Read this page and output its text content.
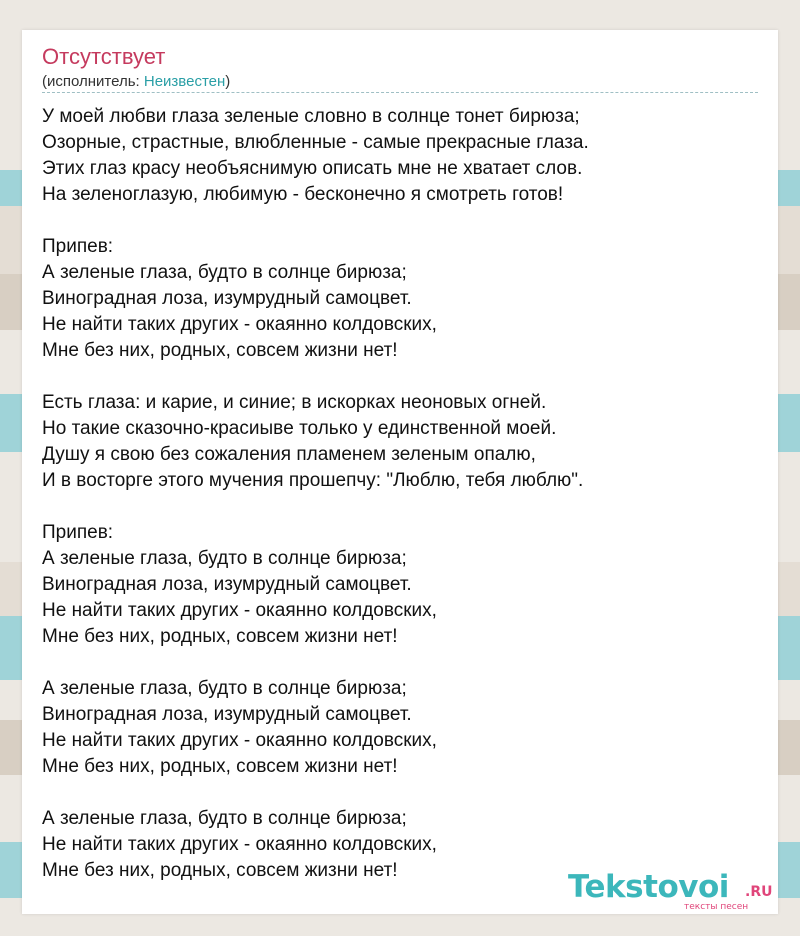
Отсутствует
(исполнитель: Неизвестен)
У моей любви глаза зеленые словно в солнце тонет бирюза;
Озорные, страстные, влюбленные - самые прекрасные глаза.
Этих глаз красу необъяснимую описать мне не хватает слов.
На зеленоглазую, любимую - бесконечно я смотреть готов!
Припев:
А зеленые глаза, будто в солнце бирюза;
Виноградная лоза, изумрудный самоцвет.
Не найти таких других - окаянно колдовских,
Мне без них, родных, совсем жизни нет!
Есть глаза: и карие, и синие; в искорках неоновых огней.
Но такие сказочно-красиывe только у единственной моей.
Душу я свою без сожаления пламенем зеленым опалю,
И в восторге этого мучения прошепчу: "Люблю, тебя люблю".
Припев:
А зеленые глаза, будто в солнце бирюза;
Виноградная лоза, изумрудный самоцвет.
Не найти таких других - окаянно колдовских,
Мне без них, родных, совсем жизни нет!
А зеленые глаза, будто в солнце бирюза;
Виноградная лоза, изумрудный самоцвет.
Не найти таких других - окаянно колдовских,
Мне без них, родных, совсем жизни нет!
А зеленые глаза, будто в солнце бирюза;
Не найти таких других - окаянно колдовских,
Мне без них, родных, совсем жизни нет!	Tekstovoi .RU
тексты песен
